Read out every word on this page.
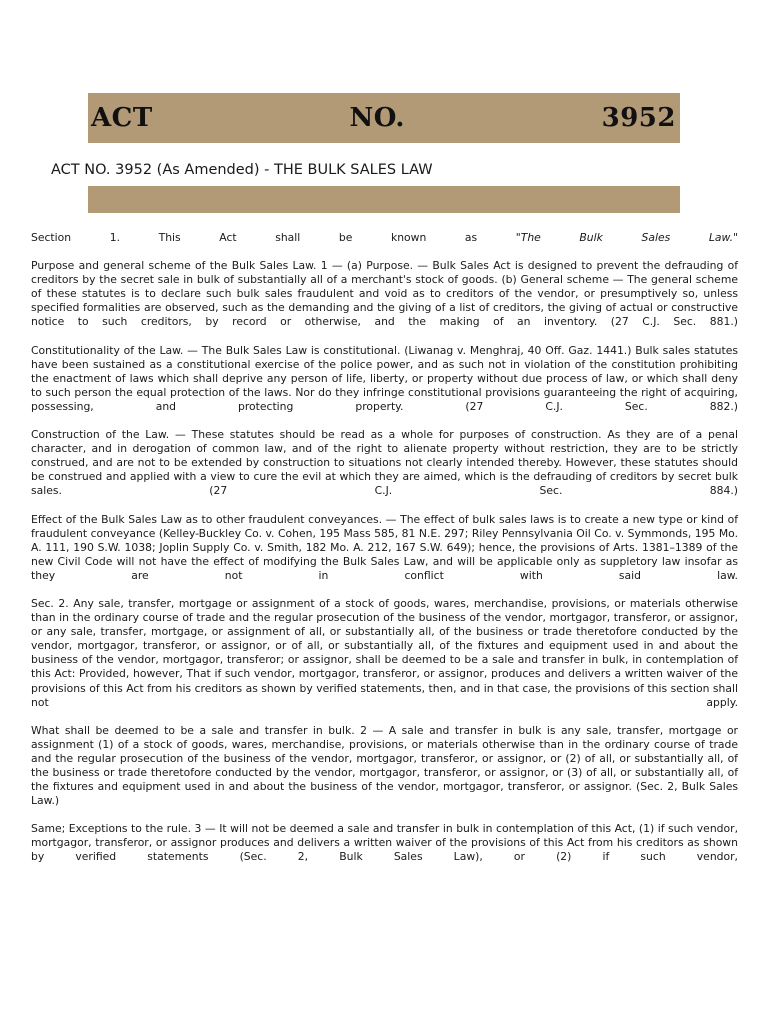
ACT	NO.	3952
ACT NO. 3952 (As Amended) - THE BULK SALES LAW

Section 1. This Act shall be known as "The Bulk Sales Law."

Purpose and general scheme of the Bulk Sales Law. 1 — (a) Purpose. — Bulk Sales Act is designed to prevent the defrauding of creditors by the secret sale in bulk of substantially all of a merchant's stock of goods. (b) General scheme — The general scheme of these statutes is to declare such bulk sales fraudulent and void as to creditors of the vendor, or presumptively so, unless specified formalities are observed, such as the demanding and the giving of a list of creditors, the giving of actual or constructive notice to such creditors, by record or otherwise, and the making of an inventory. (27 C.J. Sec. 881.)

Constitutionality of the Law. — The Bulk Sales Law is constitutional. (Liwanag v. Menghraj, 40 Off. Gaz. 1441.) Bulk sales statutes have been sustained as a constitutional exercise of the police power, and as such not in violation of the constitution prohibiting the enactment of laws which shall deprive any person of life, liberty, or property without due process of law, or which shall deny to such person the equal protection of the laws. Nor do they infringe constitutional provisions guaranteeing the right of acquiring, possessing, and protecting property. (27 C.J. Sec. 882.)

Construction of the Law. — These statutes should be read as a whole for purposes of construction. As they are of a penal character, and in derogation of common law, and of the right to alienate property without restriction, they are to be strictly construed, and are not to be extended by construction to situations not clearly intended thereby. However, these statutes should be construed and applied with a view to cure the evil at which they are aimed, which is the defrauding of creditors by secret bulk sales. (27 C.J. Sec. 884.)

Effect of the Bulk Sales Law as to other fraudulent conveyances. — The effect of bulk sales laws is to create a new type or kind of fraudulent conveyance (Kelley-Buckley Co. v. Cohen, 195 Mass 585, 81 N.E. 297; Riley Pennsylvania Oil Co. v. Symmonds, 195 Mo. A. 111, 190 S.W. 1038; Joplin Supply Co. v. Smith, 182 Mo. A. 212, 167 S.W. 649); hence, the provisions of Arts. 1381–1389 of the new Civil Code will not have the effect of modifying the Bulk Sales Law, and will be applicable only as suppletory law insofar as they are not in conflict with said law.

Sec. 2. Any sale, transfer, mortgage or assignment of a stock of goods, wares, merchandise, provisions, or materials otherwise than in the ordinary course of trade and the regular prosecution of the business of the vendor, mortgagor, transferor, or assignor, or any sale, transfer, mortgage, or assignment of all, or substantially all, of the business or trade theretofore conducted by the vendor, mortgagor, transferor, or assignor, or of all, or substantially all, of the fixtures and equipment used in and about the business of the vendor, mortgagor, transferor; or assignor, shall be deemed to be a sale and transfer in bulk, in contemplation of this Act: Provided, however, That if such vendor, mortgagor, transferor, or assignor, produces and delivers a written waiver of the provisions of this Act from his creditors as shown by verified statements, then, and in that case, the provisions of this section shall not apply.

What shall be deemed to be a sale and transfer in bulk. 2 — A sale and transfer in bulk is any sale, transfer, mortgage or assignment (1) of a stock of goods, wares, merchandise, provisions, or materials otherwise than in the ordinary course of trade and the regular prosecution of the business of the vendor, mortgagor, transferor, or assignor, or (2) of all, or substantially all, of the business or trade theretofore conducted by the vendor, mortgagor, transferor, or assignor, or (3) of all, or substantially all, of the fixtures and equipment used in and about the business of the vendor, mortgagor, transferor, or assignor. (Sec. 2, Bulk Sales Law.)

Same; Exceptions to the rule. 3 — It will not be deemed a sale and transfer in bulk in contemplation of this Act, (1) if such vendor, mortgagor, transferor, or assignor produces and delivers a written waiver of the provisions of this Act from his creditors as shown by verified statements (Sec. 2, Bulk Sales Law), or (2) if such vendor,
